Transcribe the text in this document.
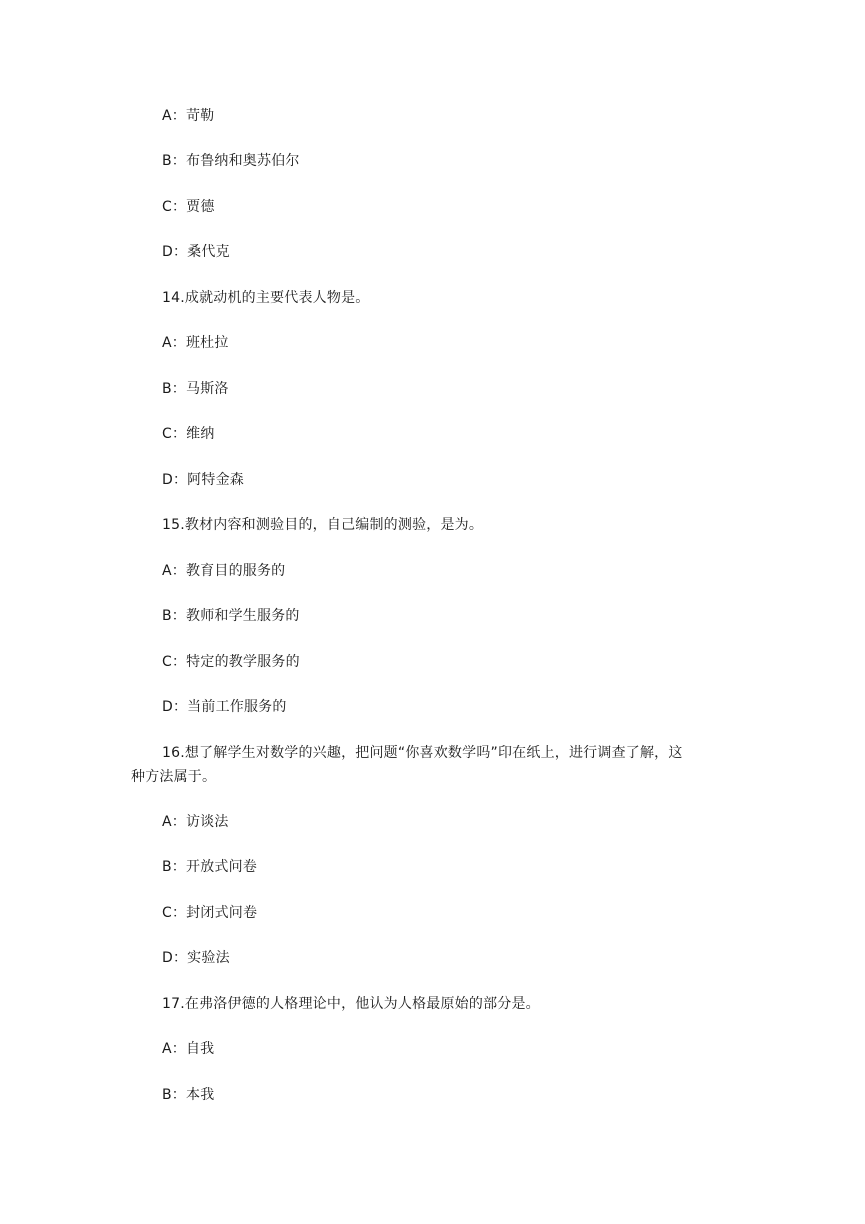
A：苛勒
B：布鲁纳和奥苏伯尔
C：贾德
D：桑代克
14.成就动机的主要代表人物是。
A：班杜拉
B：马斯洛
C：维纳
D：阿特金森
15.教材内容和测验目的，自己编制的测验，是为。
A：教育目的服务的
B：教师和学生服务的
C：特定的教学服务的
D：当前工作服务的
16.想了解学生对数学的兴趣，把问题“你喜欢数学吗”印在纸上，进行调查了解，这
种方法属于。
A：访谈法
B：开放式问卷
C：封闭式问卷
D：实验法
17.在弗洛伊德的人格理论中，他认为人格最原始的部分是。
A：自我
B：本我
